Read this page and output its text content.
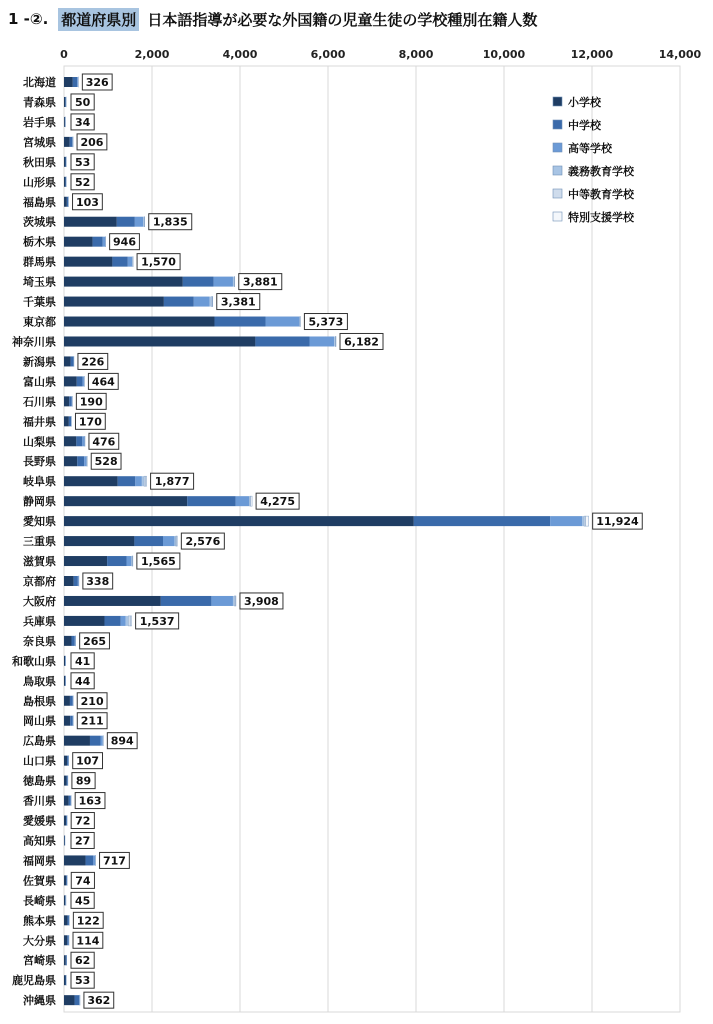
1 -②. 都道府県別 日本語指導が必要な外国籍の児童生徒の学校種別在籍人数
0	2,000	4,000	6,000	8,000	10,000	12,000	14,000
北海道	326
青森県 50
岩手県 34
宮城県 206
秋田県 53
山形県 52
福島県 103
茨城県	1,835
栃木県	946
群馬県	1,570
埼玉県	3,881
千葉県	3,381
東京都	5,373
神奈川県	6,182
新潟県 226
富山県	464
石川県 190
福井県 170
山梨県	476
長野県	528
岐阜県	1,877
静岡県	4,275
愛知県	11,924
三重県	2,576
滋賀県	1,565
京都府	338
大阪府	3,908
兵庫県	1,537
奈良県 265
和歌山県 41
鳥取県 44
島根県 210
岡山県 211
広島県	894
山口県 107
徳島県 89
香川県 163
愛媛県 72
高知県 27
福岡県	717
佐賀県 74
長崎県 45
熊本県 122
大分県 114
宮崎県 62
鹿児島県 53
沖縄県	362
小学校
中学校
高等学校
義務教育学校
中等教育学校
特別支援学校
